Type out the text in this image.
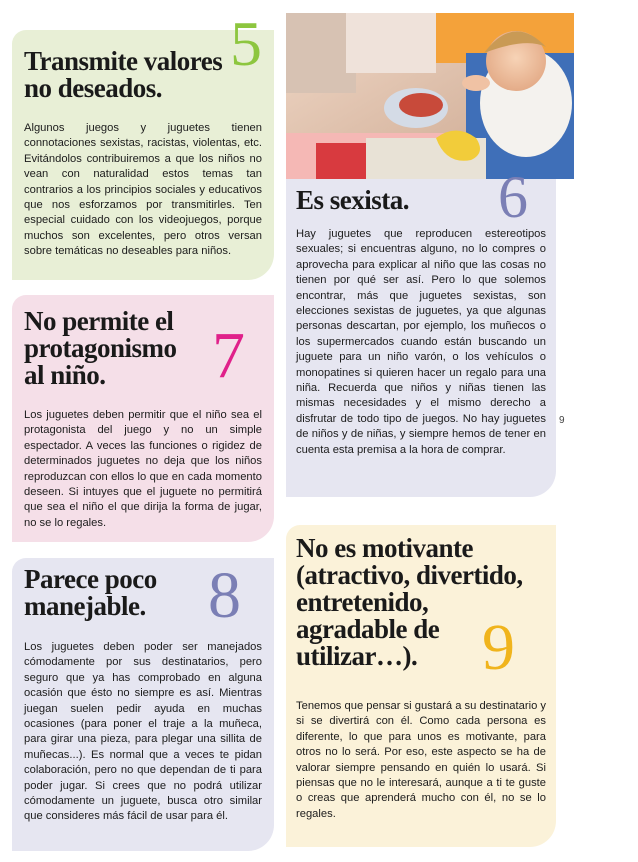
Transmite valores
no deseados.
5

Algunos juegos y juguetes tienen connotaciones sexistas, racistas, violentas, etc. Evitándolos contribuiremos a que los niños no vean con naturalidad estos temas tan contrarios a los principios sociales y educativos que nos esforzamos por transmitirles. Ten especial cuidado con los videojuegos, porque muchos son excelentes, pero otros versan sobre temáticas no deseables para niños.

Es sexista. 6

Hay juguetes que reproducen estereotipos sexuales; si encuentras alguno, no lo compres o aprovecha para explicar al niño que las cosas no tienen por qué ser así. Pero lo que solemos encontrar, más que juguetes sexistas, son elecciones sexistas de juguetes, ya que algunas personas descartan, por ejemplo, los muñecos o los supermercados cuando están buscando un juguete para un niño varón, o los vehículos o monopatines si quieren hacer un regalo para una niña. Recuerda que niños y niñas tienen las mismas necesidades y el mismo derecho a disfrutar de todo tipo de juegos. No hay juguetes de niños y de niñas, y siempre hemos de tener en cuenta esta premisa a la hora de comprar.

9
No permite el
protagonismo
al niño.	7

Los juguetes deben permitir que el niño sea el protagonista del juego y no un simple espectador. A veces las funciones o rigidez de determinados juguetes no deja que los niños reproduzcan con ellos lo que en cada momento deseen. Si intuyes que el juguete no permitirá que sea el niño el que dirija la forma de jugar, no se lo regales.

Parece poco
manejable. 8

Los juguetes deben poder ser manejados cómodamente por sus destinatarios, pero seguro que ya has comprobado en alguna ocasión que ésto no siempre es así. Mientras juegan suelen pedir ayuda en muchas ocasiones (para poner el traje a la muñeca, para girar una pieza, para plegar una sillita de muñecas...). Es normal que a veces te pidan colaboración, pero no que dependan de ti para poder jugar. Si crees que no podrá utilizar cómodamente un juguete, busca otro similar que consideres más fácil de usar para él.

No es motivante
(atractivo, divertido,
entretenido,
agradable de
utilizar…). 9

Tenemos que pensar si gustará a su destinatario y si se divertirá con él. Como cada persona es diferente, lo que para unos es motivante, para otros no lo será. Por eso, este aspecto se ha de valorar siempre pensando en quién lo usará. Si piensas que no le interesará, aunque a ti te guste o creas que aprenderá mucho con él, no se lo regales.
